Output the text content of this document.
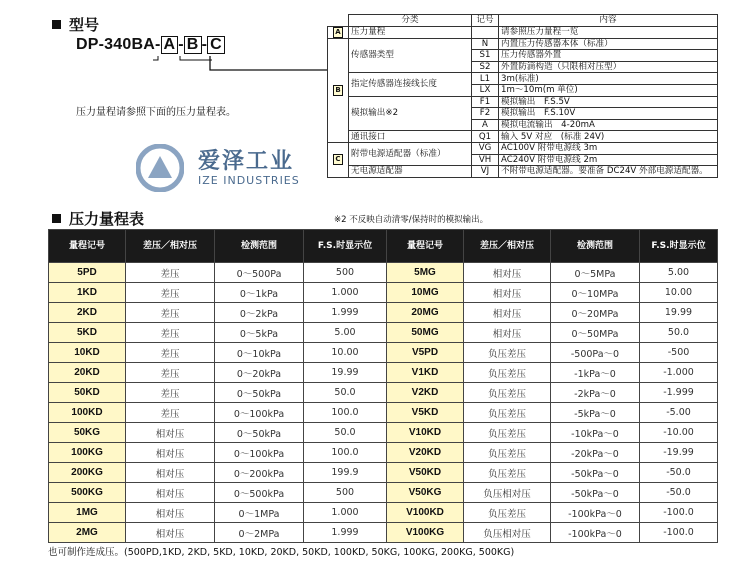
型号
DP-340BA- A - B - C
压力量程请参照下面的压力量程表。
爱泽工业
IZE INDUSTRIES
	分类	记号	内容
A	压力量程		请参照压力量程一览
B	传感器类型	N	内置压力传感器本体（标准）
		S1	压力传感器外置
		S2	外置防滴构造（只限相对压型）
	指定传感器连接线长度	L1	3m(标准)
		LX	1m～10m(m 单位)
	模拟输出※2	F1	模拟输出　F.S.5V
		F2	模拟输出　F.S.10V
		A	模拟电流输出　4-20mA
	通讯接口	Q1	输入 5V 对应　(标准 24V)
C	附带电源适配器（标准）	VG	AC100V 附带电源线 3m
		VH	AC240V 附带电源线 2m
	无电源适配器	VJ	不附带电源适配器。要准备 DC24V 外部电源适配器。
※2 不反映自动清零/保持时的模拟输出。
压力量程表
量程记号	差压／相对压	检测范围	F.S.时显示位	量程记号	差压／相对压	检测范围	F.S.时显示位
5PD	差压	0～500Pa	500	5MG	相对压	0～5MPa	5.00
1KD	差压	0～1kPa	1.000	10MG	相对压	0～10MPa	10.00
2KD	差压	0～2kPa	1.999	20MG	相对压	0～20MPa	19.99
5KD	差压	0～5kPa	5.00	50MG	相对压	0～50MPa	50.0
10KD	差压	0～10kPa	10.00	V5PD	负压差压	-500Pa～0	-500
20KD	差压	0～20kPa	19.99	V1KD	负压差压	-1kPa～0	-1.000
50KD	差压	0～50kPa	50.0	V2KD	负压差压	-2kPa～0	-1.999
100KD	差压	0～100kPa	100.0	V5KD	负压差压	-5kPa～0	-5.00
50KG	相对压	0～50kPa	50.0	V10KD	负压差压	-10kPa～0	-10.00
100KG	相对压	0～100kPa	100.0	V20KD	负压差压	-20kPa～0	-19.99
200KG	相对压	0～200kPa	199.9	V50KD	负压差压	-50kPa～0	-50.0
500KG	相对压	0～500kPa	500	V50KG	负压相对压	-50kPa～0	-50.0
1MG	相对压	0～1MPa	1.000	V100KD	负压差压	-100kPa～0	-100.0
2MG	相对压	0～2MPa	1.999	V100KG	负压相对压	-100kPa～0	-100.0
也可制作连成压。(500PD,1KD, 2KD, 5KD, 10KD, 20KD, 50KD, 100KD, 50KG, 100KG, 200KG, 500KG)
